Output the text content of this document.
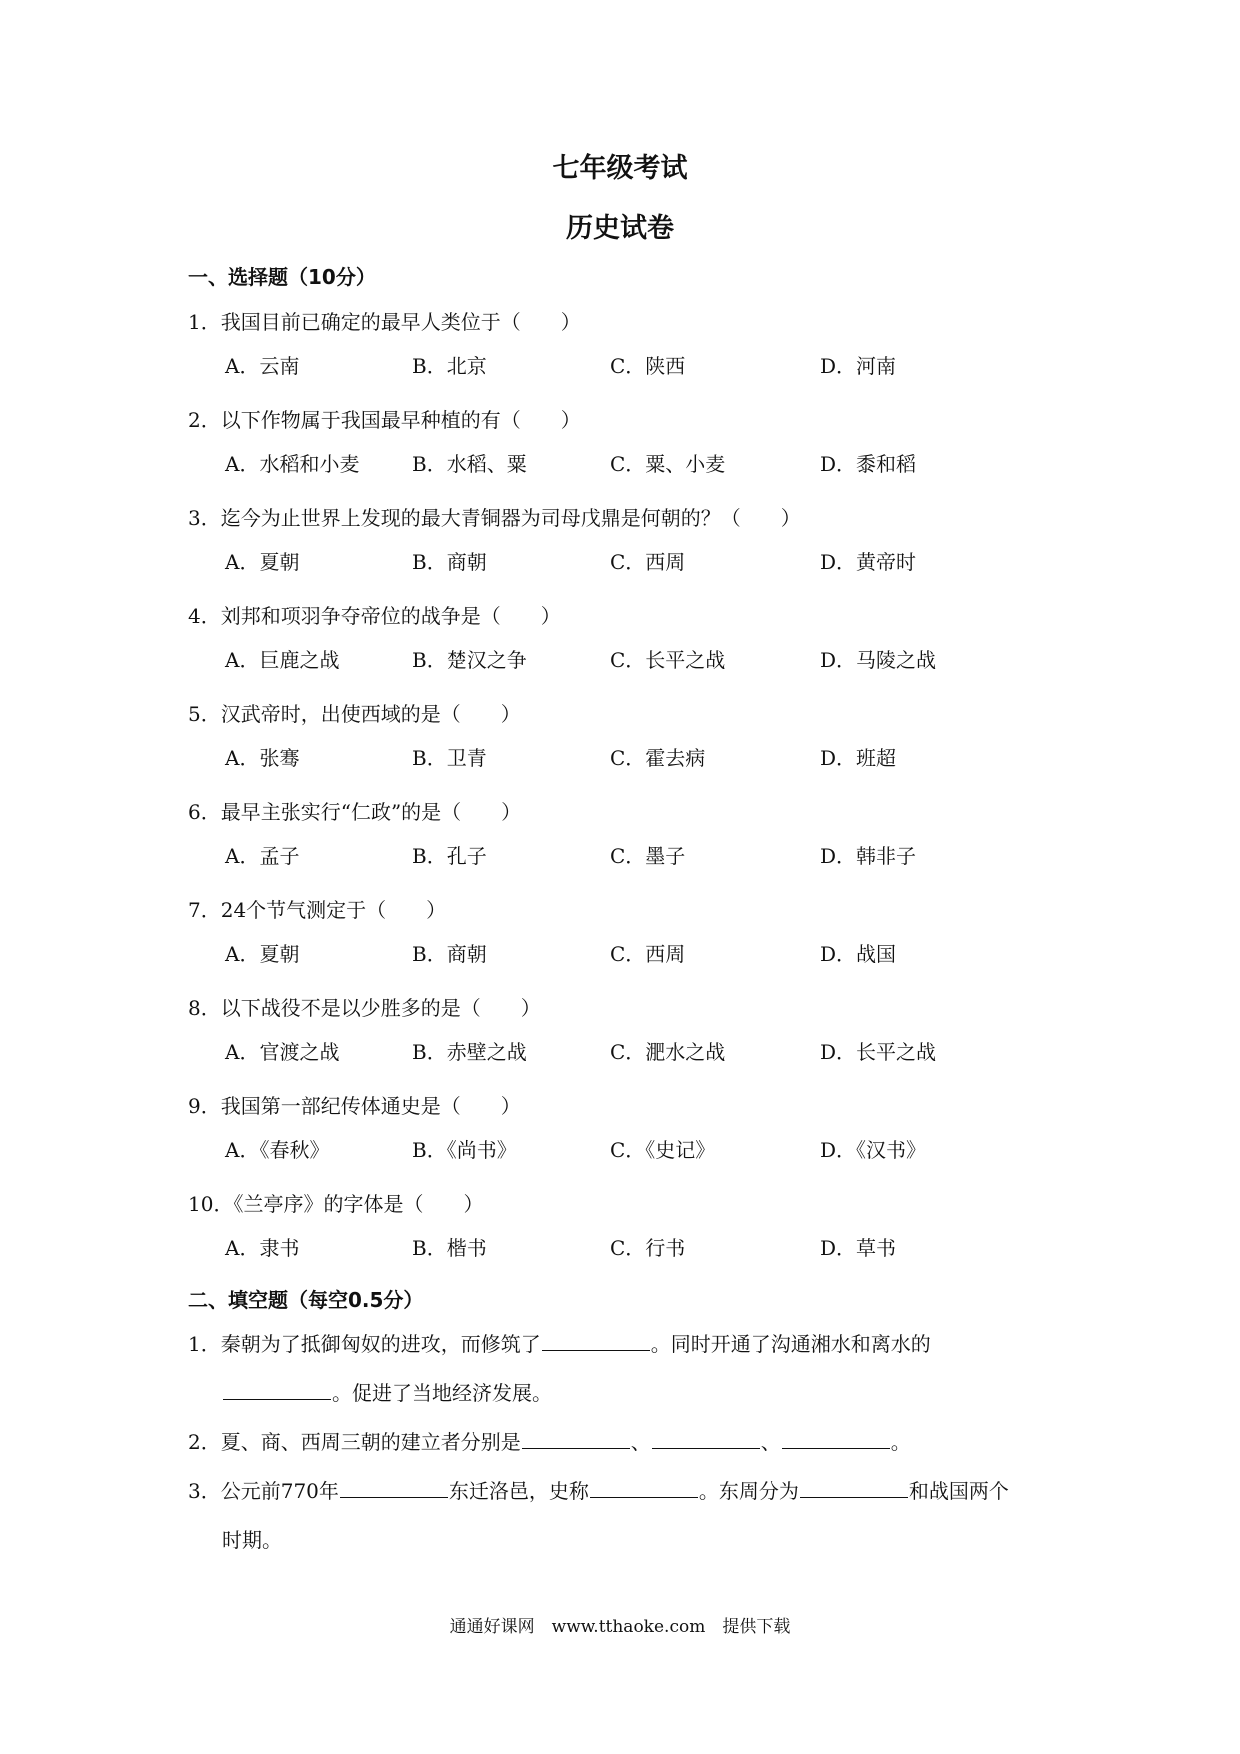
七年级考试
历史试卷
一、选择题（10分）
1．我国目前已确定的最早人类位于（　　）
A．云南	B．北京	C．陕西	D．河南
2．以下作物属于我国最早种植的有（　　）
A．水稻和小麦	B．水稻、粟	C．粟、小麦	D．黍和稻
3．迄今为止世界上发现的最大青铜器为司母戊鼎是何朝的？（　　）
A．夏朝	B．商朝	C．西周	D．黄帝时
4．刘邦和项羽争夺帝位的战争是（　　）
A．巨鹿之战	B．楚汉之争	C．长平之战	D．马陵之战
5．汉武帝时，出使西域的是（　　）
A．张骞	B．卫青	C．霍去病	D．班超
6．最早主张实行“仁政”的是（　　）
A．孟子	B．孔子	C．墨子	D．韩非子
7．24个节气测定于（　　）
A．夏朝	B．商朝	C．西周	D．战国
8．以下战役不是以少胜多的是（　　）
A．官渡之战	B．赤壁之战	C．淝水之战	D．长平之战
9．我国第一部纪传体通史是（　　）
A．《春秋》	B．《尚书》	C．《史记》	D．《汉书》
10．《兰亭序》的字体是（　　）
A．隶书	B．楷书	C．行书	D．草书
二、填空题（每空0.5分）
1．秦朝为了抵御匈奴的进攻，而修筑了	。同时开通了沟通湘水和离水的
。促进了当地经济发展。
2．夏、商、西周三朝的建立者分别是	、	、	。
3．公元前770年	东迁洛邑，史称	。东周分为	和战国两个
时期。
通通好课网　www.tthaoke.com　提供下载
